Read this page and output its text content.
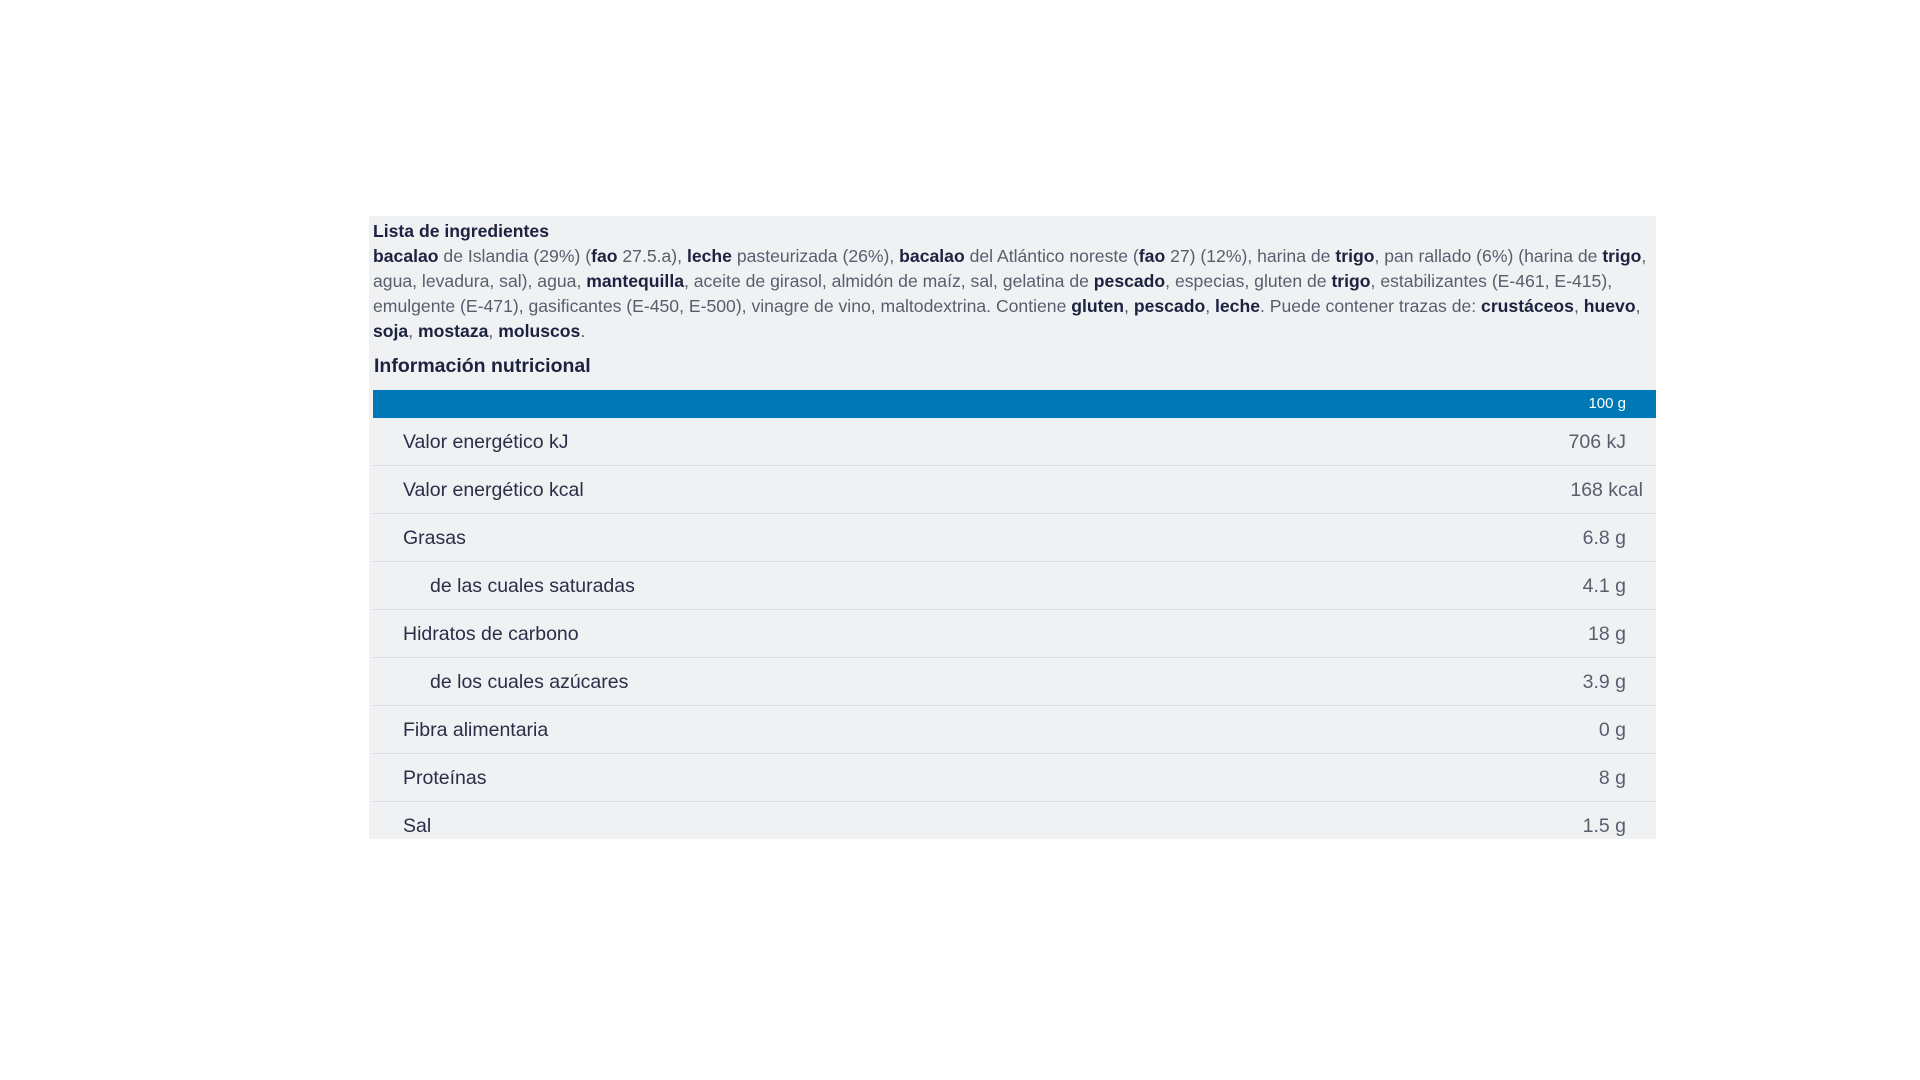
Lista de ingredientes
bacalao de Islandia (29%) (fao 27.5.a), leche pasteurizada (26%), bacalao del Atlántico noreste (fao 27) (12%), harina de trigo, pan rallado (6%) (harina de trigo, agua, levadura, sal), agua, mantequilla, aceite de girasol, almidón de maíz, sal, gelatina de pescado, especias, gluten de trigo, estabilizantes (E-461, E-415), emulgente (E-471), gasificantes (E-450, E-500), vinagre de vino, maltodextrina. Contiene gluten, pescado, leche. Puede contener trazas de: crustáceos, huevo, soja, mostaza, moluscos.
Información nutricional
100 g
Valor energético kJ	706 kJ
Valor energético kcal	168 kcal
Grasas	6.8 g
de las cuales saturadas	4.1 g
Hidratos de carbono	18 g
de los cuales azúcares	3.9 g
Fibra alimentaria	0 g
Proteínas	8 g
Sal	1.5 g
